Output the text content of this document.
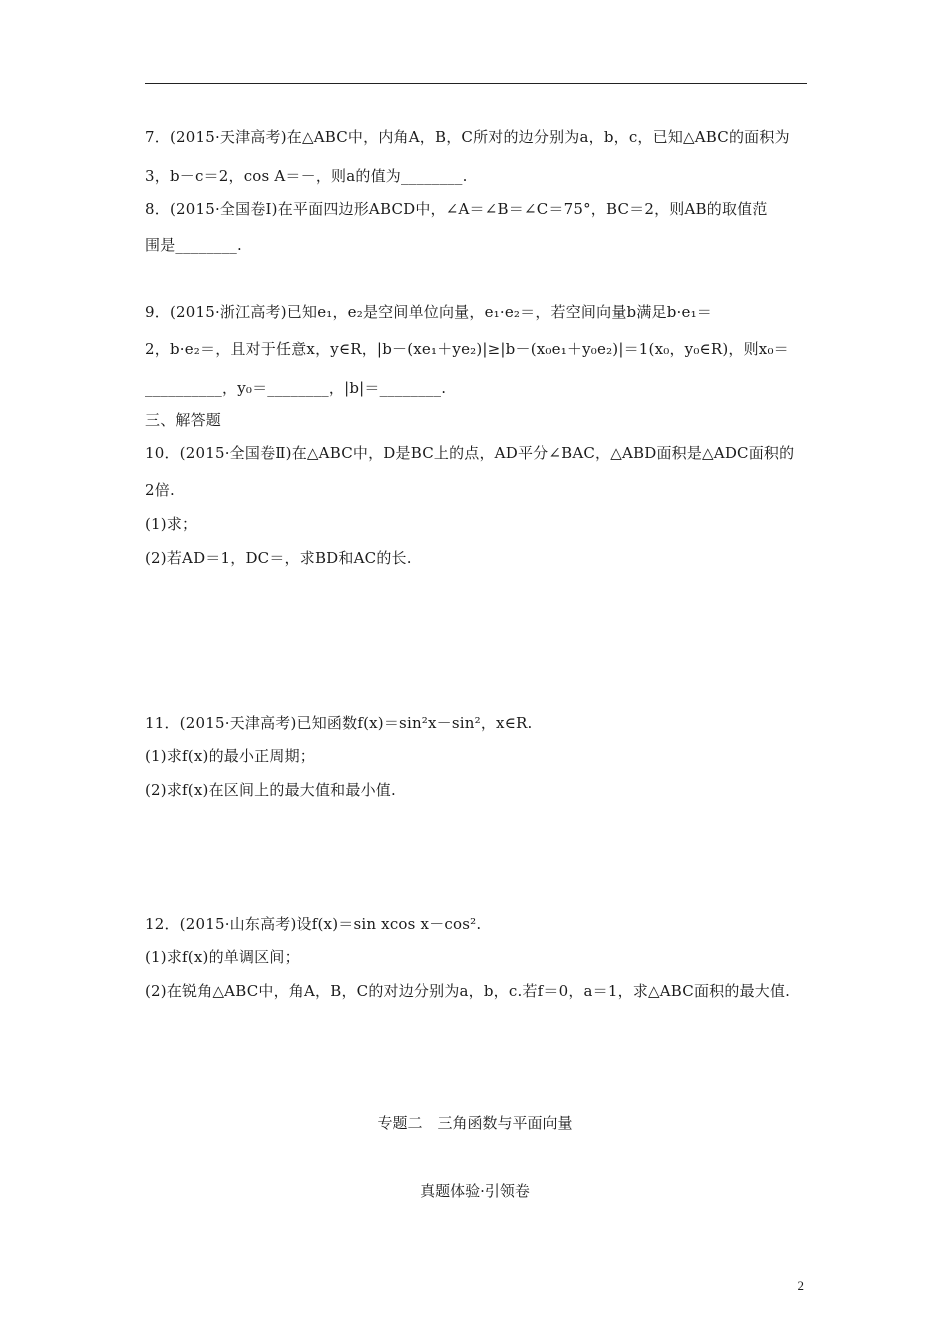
7．(2015·天津高考)在△ABC中，内角A，B，C所对的边分别为a，b，c，已知△ABC的面积为
3，b－c＝2，cos A＝－，则a的值为________.
8．(2015·全国卷Ⅰ)在平面四边形ABCD中，∠A＝∠B＝∠C＝75°，BC＝2，则AB的取值范
围是________.
9．(2015·浙江高考)已知e₁，e₂是空间单位向量，e₁·e₂＝，若空间向量b满足b·e₁＝
2，b·e₂＝，且对于任意x，y∈R，|b－(xe₁＋ye₂)|≥|b－(x₀e₁＋y₀e₂)|＝1(x₀，y₀∈R)，则x₀＝
__________，y₀＝________，|b|＝________.
三、解答题
10．(2015·全国卷Ⅱ)在△ABC中，D是BC上的点，AD平分∠BAC，△ABD面积是△ADC面积的
2倍.
(1)求；
(2)若AD＝1，DC＝，求BD和AC的长.
11．(2015·天津高考)已知函数f(x)＝sin²x－sin²，x∈R.
(1)求f(x)的最小正周期；
(2)求f(x)在区间上的最大值和最小值.
12．(2015·山东高考)设f(x)＝sin xcos x－cos².
(1)求f(x)的单调区间；
(2)在锐角△ABC中，角A，B，C的对边分别为a，b，c.若f＝0，a＝1，求△ABC面积的最大值.
专题二　三角函数与平面向量
真题体验·引领卷
2
